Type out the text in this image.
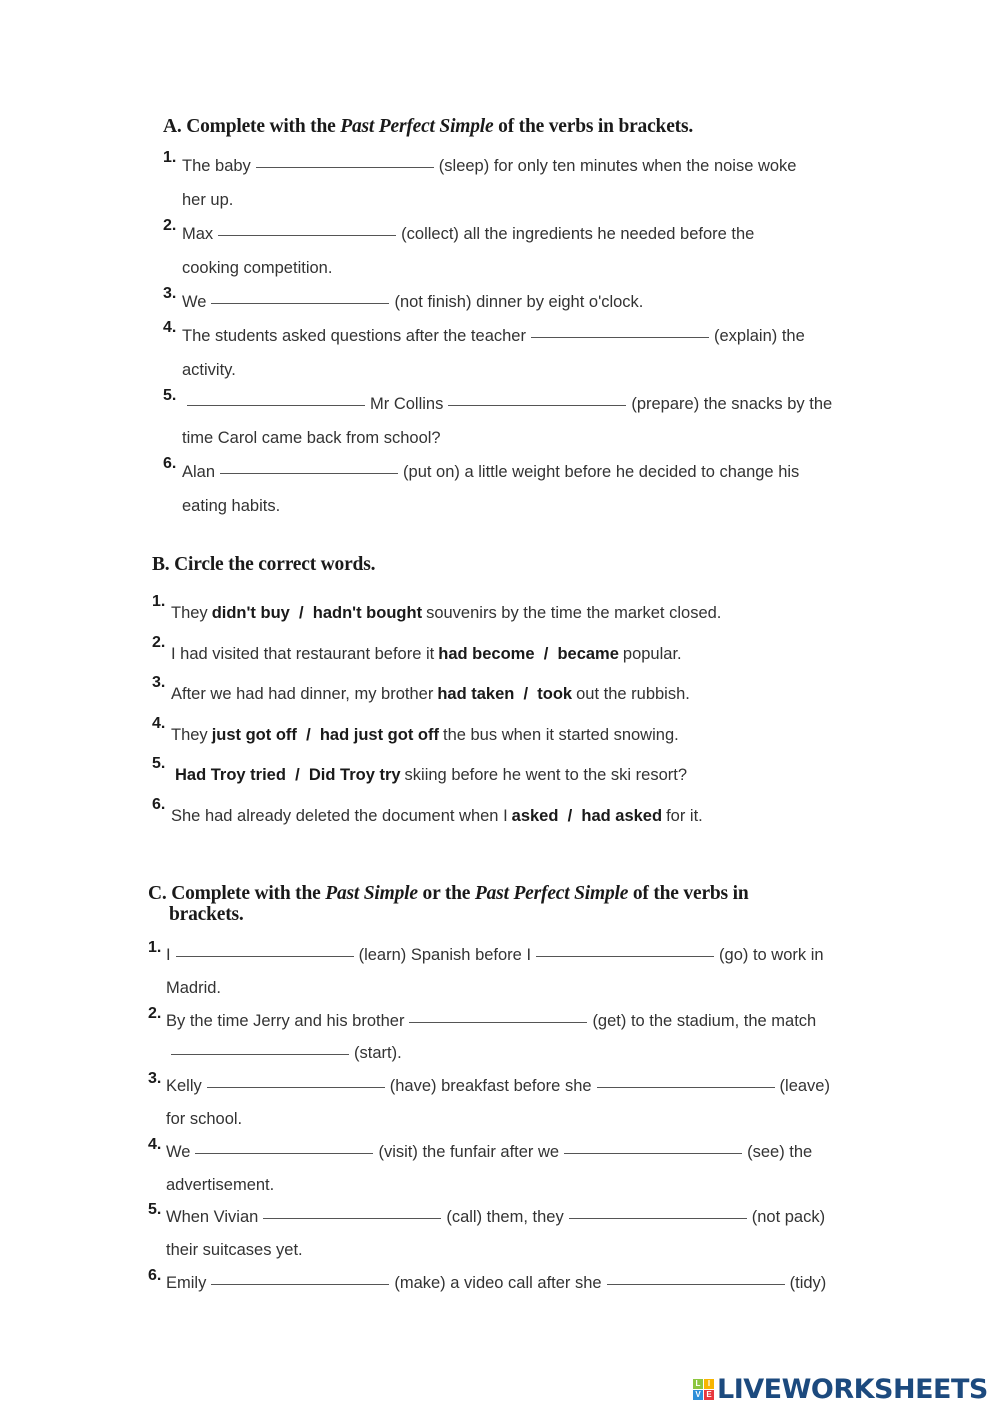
A. Complete with the Past Perfect Simple of the verbs in brackets.
1. The baby	(sleep) for only ten minutes when the noise woke
her up.
2. Max	(collect) all the ingredients he needed before the
cooking competition.
3. We	(not finish) dinner by eight o'clock.
4. The students asked questions after the teacher	(explain) the
activity.
5.	Mr Collins	(prepare) the snacks by the
time Carol came back from school?
6. Alan	(put on) a little weight before he decided to change his
eating habits.
B. Circle the correct words.
1.
They didn't buy  /  hadn't bought souvenirs by the time the market closed.
2.
I had visited that restaurant before it had become  /  became popular.
3.
After we had had dinner, my brother had taken  /  took out the rubbish.
4.
They just got off  /  had just got off the bus when it started snowing.
5.
Had Troy tried  /  Did Troy try skiing before he went to the ski resort?
6.
She had already deleted the document when I asked  /  had asked for it.
C. Complete with the Past Simple or the Past Perfect Simple of the verbs in
brackets.
1. I	(learn) Spanish before I	(go) to work in
Madrid.
2. By the time Jerry and his brother	(get) to the stadium, the match
(start).
3. Kelly	(have) breakfast before she	(leave)
for school.
4. We	(visit) the funfair after we	(see) the
advertisement.
5. When Vivian	(call) them, they	(not pack)
their suitcases yet.
6. Emily	(make) a video call after she	(tidy)
L I
V E LIVEWORKSHEETS
